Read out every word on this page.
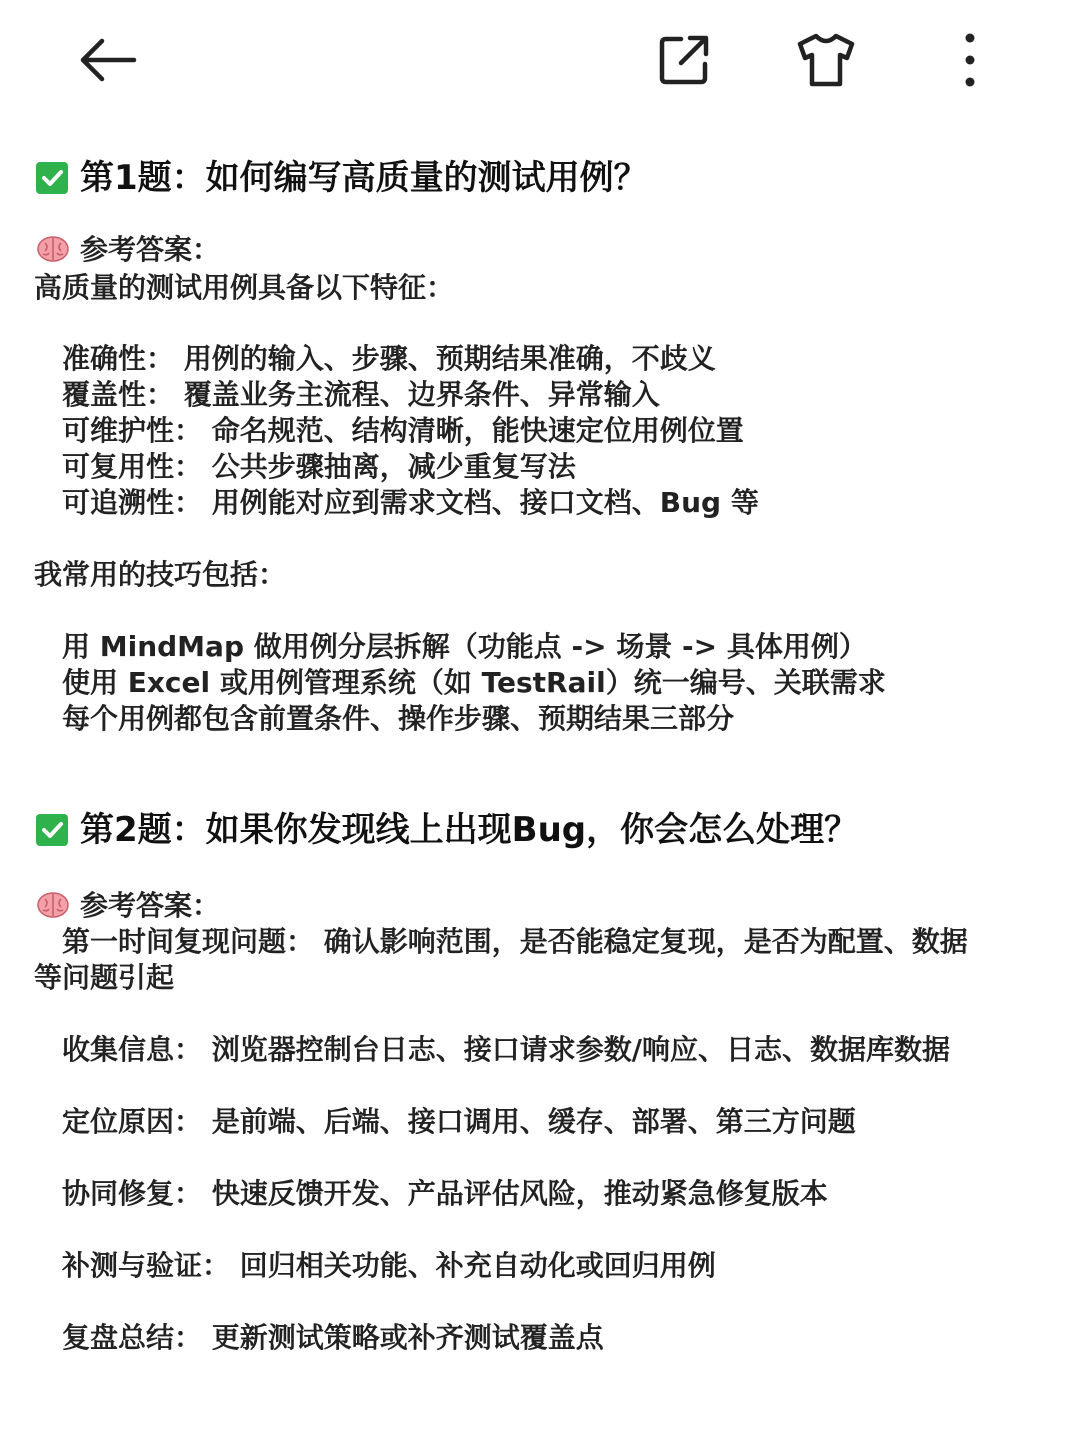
第1题：如何编写高质量的测试用例？
参考答案：
高质量的测试用例具备以下特征：
准确性： 用例的输入、步骤、预期结果准确，不歧义
覆盖性： 覆盖业务主流程、边界条件、异常输入
可维护性： 命名规范、结构清晰，能快速定位用例位置
可复用性： 公共步骤抽离，减少重复写法
可追溯性： 用例能对应到需求文档、接口文档、Bug 等
我常用的技巧包括：
用 MindMap 做用例分层拆解（功能点 -> 场景 -> 具体用例）
使用 Excel 或用例管理系统（如 TestRail）统一编号、关联需求
每个用例都包含前置条件、操作步骤、预期结果三部分
第2题：如果你发现线上出现Bug，你会怎么处理？
参考答案：
第一时间复现问题： 确认影响范围，是否能稳定复现，是否为配置、数据
等问题引起
收集信息： 浏览器控制台日志、接口请求参数/响应、日志、数据库数据
定位原因： 是前端、后端、接口调用、缓存、部署、第三方问题
协同修复： 快速反馈开发、产品评估风险，推动紧急修复版本
补测与验证： 回归相关功能、补充自动化或回归用例
复盘总结： 更新测试策略或补齐测试覆盖点
